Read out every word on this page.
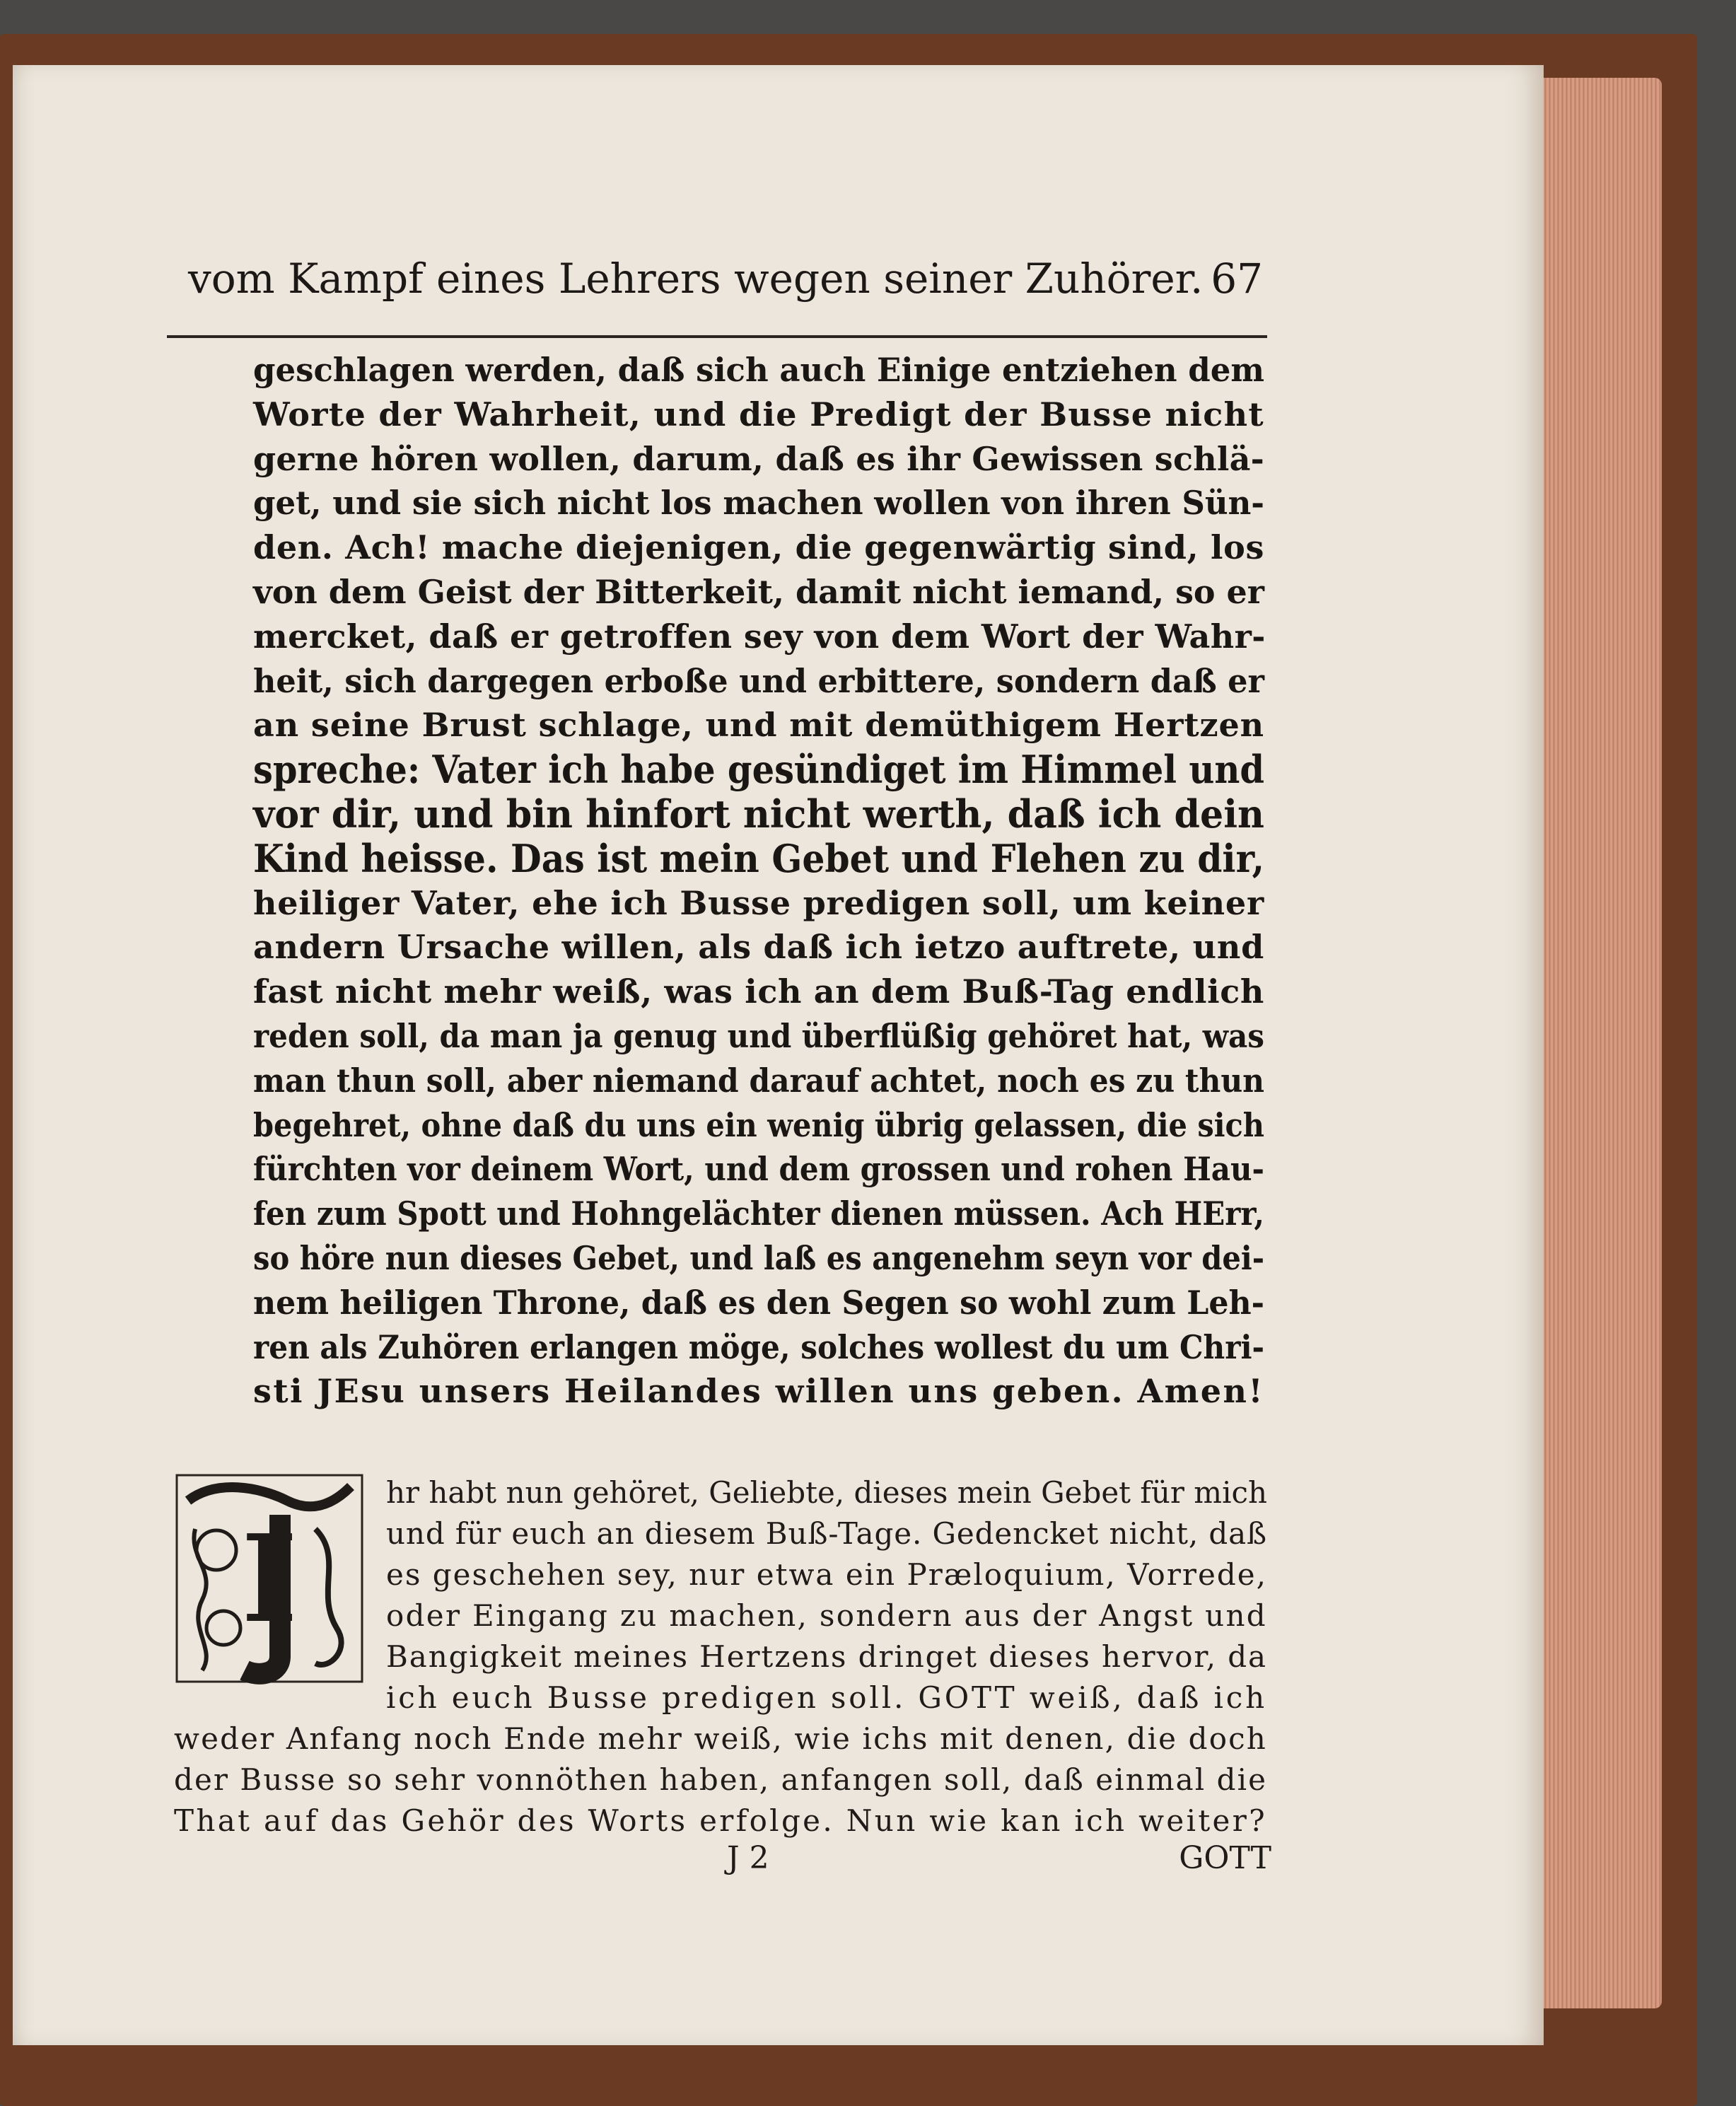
vom Kampf eines Lehrers wegen seiner Zuhörer. 67
geschlagen werden, daß sich auch Einige entziehen dem
Worte der Wahrheit, und die Predigt der Busse nicht
gerne hören wollen, darum, daß es ihr Gewissen schlä-
get, und sie sich nicht los machen wollen von ihren Sün-
den. Ach! mache diejenigen, die gegenwärtig sind, los
von dem Geist der Bitterkeit, damit nicht iemand, so er
mercket, daß er getroffen sey von dem Wort der Wahr-
heit, sich dargegen erboße und erbittere, sondern daß er
an seine Brust schlage, und mit demüthigem Hertzen
spreche: Vater ich habe gesündiget im Himmel und
vor dir, und bin hinfort nicht werth, daß ich dein
Kind heisse. Das ist mein Gebet und Flehen zu dir,
heiliger Vater, ehe ich Busse predigen soll, um keiner
andern Ursache willen, als daß ich ietzo auftrete, und
fast nicht mehr weiß, was ich an dem Buß-Tag endlich
reden soll, da man ja genug und überflüßig gehöret hat, was
man thun soll, aber niemand darauf achtet, noch es zu thun
begehret, ohne daß du uns ein wenig übrig gelassen, die sich
fürchten vor deinem Wort, und dem grossen und rohen Hau-
fen zum Spott und Hohngelächter dienen müssen. Ach HErr,
so höre nun dieses Gebet, und laß es angenehm seyn vor dei-
nem heiligen Throne, daß es den Segen so wohl zum Leh-
ren als Zuhören erlangen möge, solches wollest du um Chri-
sti JEsu unsers Heilandes willen uns geben. Amen!
I
hr habt nun gehöret, Geliebte, dieses mein Gebet für mich
und für euch an diesem Buß-Tage. Gedencket nicht, daß
es geschehen sey, nur etwa ein Præloquium, Vorrede,
oder Eingang zu machen, sondern aus der Angst und
Bangigkeit meines Hertzens dringet dieses hervor, da
ich euch Busse predigen soll. GOTT weiß, daß ich
weder Anfang noch Ende mehr weiß, wie ichs mit denen, die doch
der Busse so sehr vonnöthen haben, anfangen soll, daß einmal die
That auf das Gehör des Worts erfolge. Nun wie kan ich weiter?
J 2	GOTT
